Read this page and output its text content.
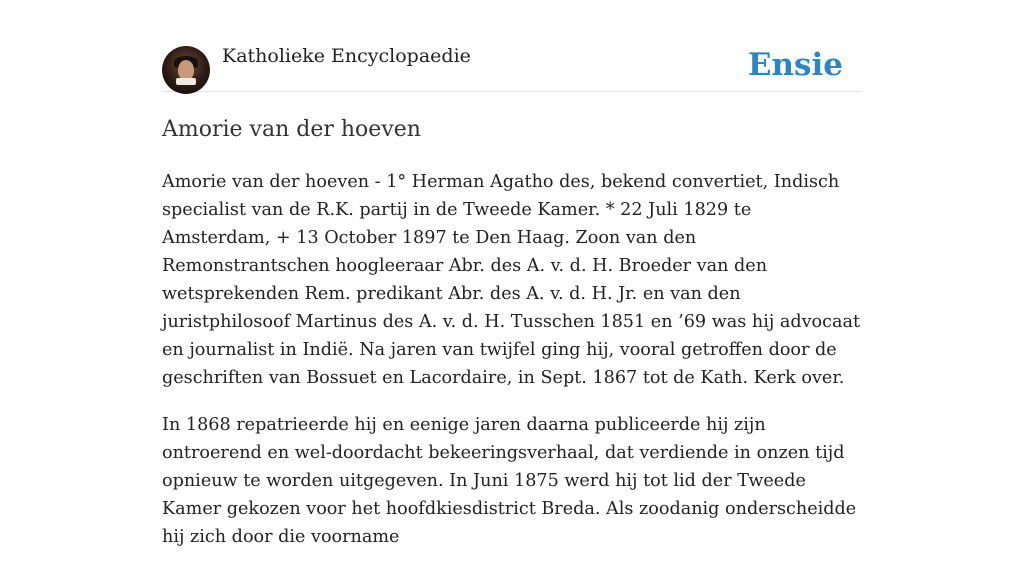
Katholieke Encyclopaedie	Ensie
Amorie van der hoeven

Amorie van der hoeven - 1° Herman Agatho des, bekend convertiet, Indisch specialist van de R.K. partij in de Tweede Kamer. * 22 Juli 1829 te Amsterdam, + 13 October 1897 te Den Haag. Zoon van den Remonstrantschen hoogleeraar Abr. des A. v. d. H. Broeder van den wetsprekenden Rem. predikant Abr. des A. v. d. H. Jr. en van den juristphilosoof Martinus des A. v. d. H. Tusschen 1851 en ’69 was hij advocaat en journalist in Indië. Na jaren van twijfel ging hij, vooral getroffen door de geschriften van Bossuet en Lacordaire, in Sept. 1867 tot de Kath. Kerk over.

In 1868 repatrieerde hij en eenige jaren daarna publiceerde hij zijn ontroerend en wel-doordacht bekeeringsverhaal, dat verdiende in onzen tijd opnieuw te worden uitgegeven. In Juni 1875 werd hij tot lid der Tweede Kamer gekozen voor het hoofdkiesdistrict Breda. Als zoodanig onderscheidde hij zich door die voorname
